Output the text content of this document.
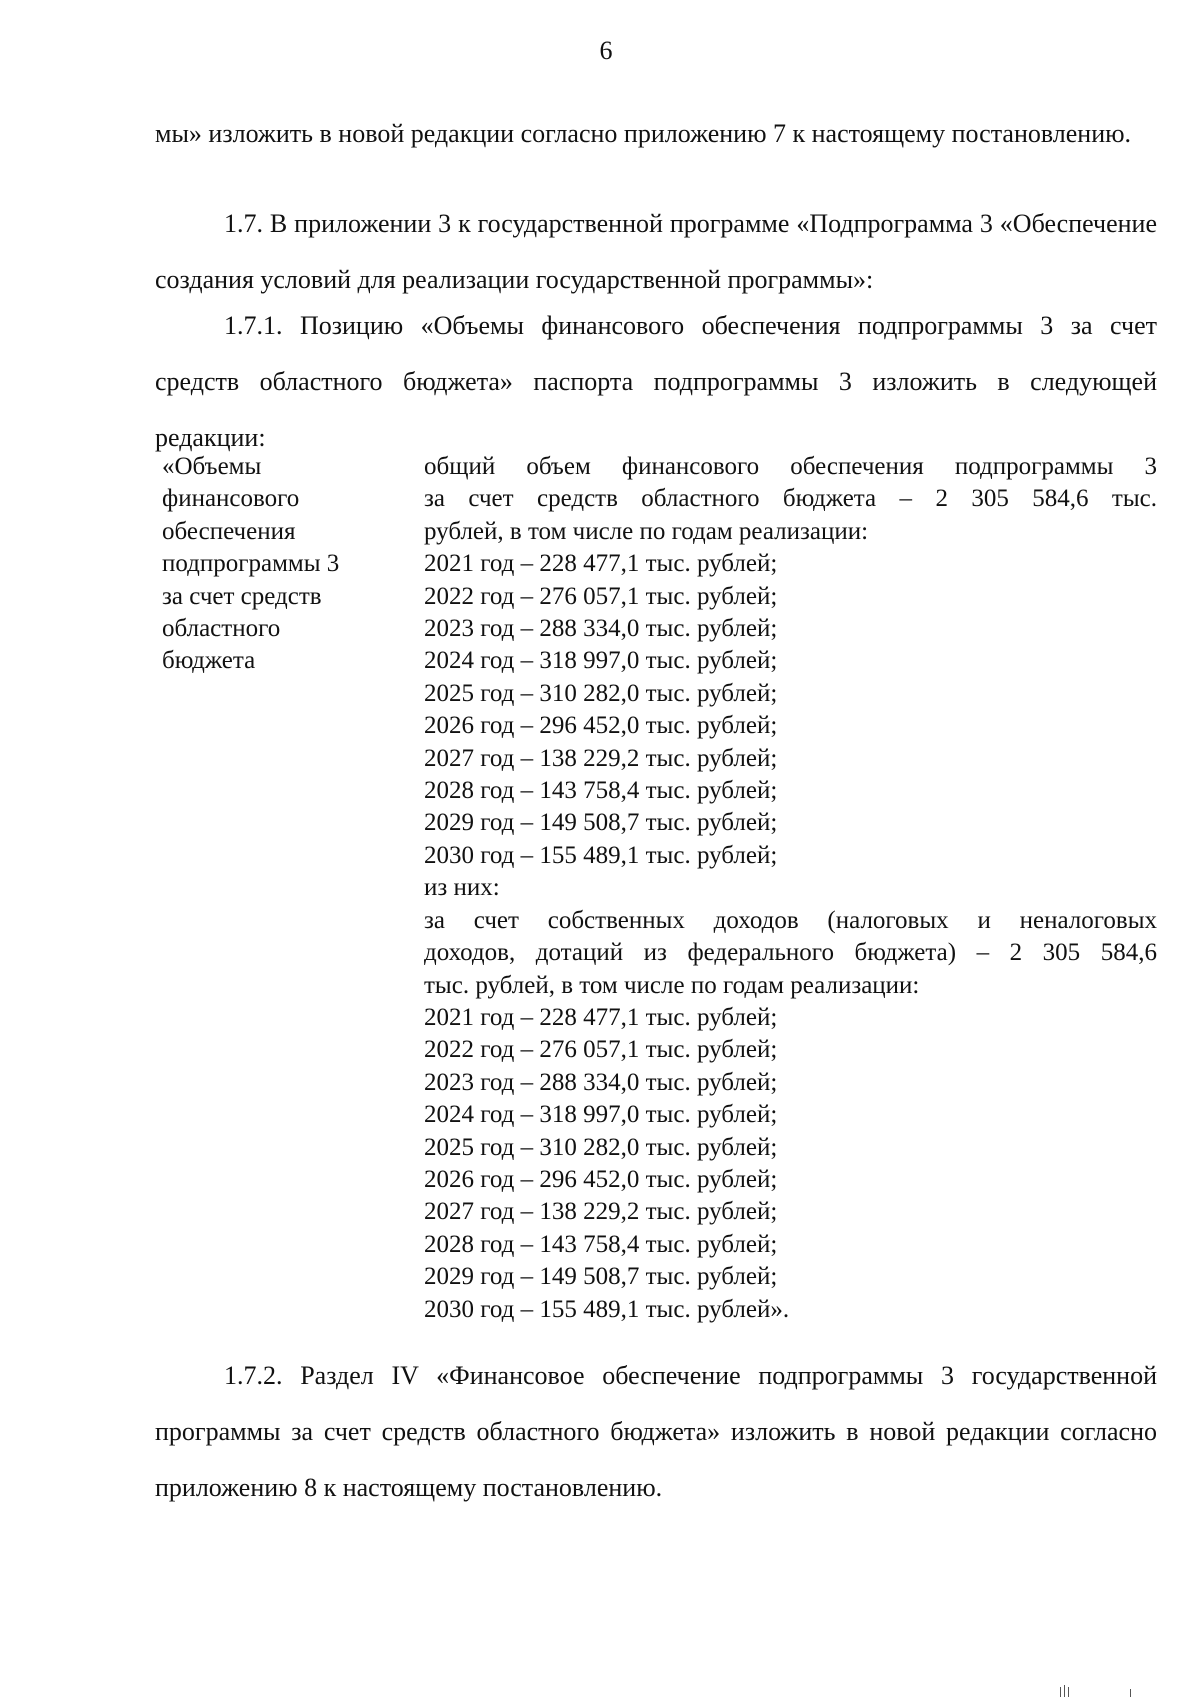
6
мы» изложить в новой редакции согласно приложению 7 к настоящему постановлению.
1.7. В приложении 3 к государственной программе «Подпрограмма 3 «Обеспечение создания условий для реализации государственной программы»:
1.7.1. Позицию «Объемы финансового обеспечения подпрограммы 3 за счет средств областного бюджета» паспорта подпрограммы 3 изложить в следующей редакции:
«Объемы
финансового
обеспечения
подпрограммы 3
за счет средств
областного
бюджета
общий объем финансового обеспечения подпрограммы 3
за счет средств областного бюджета – 2 305 584,6 тыс.
рублей, в том числе по годам реализации:
2021 год – 228 477,1 тыс. рублей;
2022 год – 276 057,1 тыс. рублей;
2023 год – 288 334,0 тыс. рублей;
2024 год – 318 997,0 тыс. рублей;
2025 год – 310 282,0 тыс. рублей;
2026 год – 296 452,0 тыс. рублей;
2027 год – 138 229,2 тыс. рублей;
2028 год – 143 758,4 тыс. рублей;
2029 год – 149 508,7 тыс. рублей;
2030 год – 155 489,1 тыс. рублей;
из них:
за счет собственных доходов (налоговых и неналоговых
доходов, дотаций из федерального бюджета) – 2 305 584,6
тыс. рублей, в том числе по годам реализации:
2021 год – 228 477,1 тыс. рублей;
2022 год – 276 057,1 тыс. рублей;
2023 год – 288 334,0 тыс. рублей;
2024 год – 318 997,0 тыс. рублей;
2025 год – 310 282,0 тыс. рублей;
2026 год – 296 452,0 тыс. рублей;
2027 год – 138 229,2 тыс. рублей;
2028 год – 143 758,4 тыс. рублей;
2029 год – 149 508,7 тыс. рублей;
2030 год – 155 489,1 тыс. рублей».
1.7.2. Раздел IV «Финансовое обеспечение подпрограммы 3 государственной программы за счет средств областного бюджета» изложить в новой редакции согласно приложению 8 к настоящему постановлению.
